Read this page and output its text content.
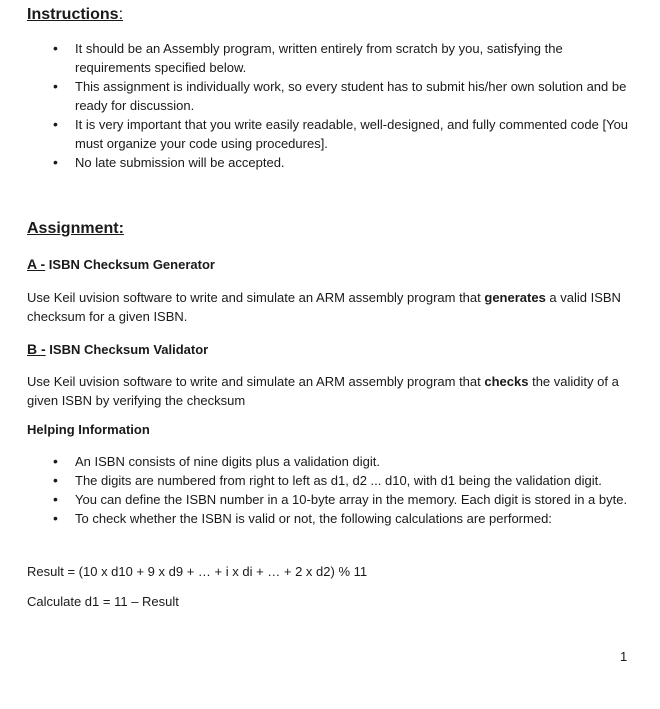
Instructions:
• It should be an Assembly program, written entirely from scratch by you, satisfying the requirements specified below.
• This assignment is individually work, so every student has to submit his/her own solution and be ready for discussion.
• It is very important that you write easily readable, well-designed, and fully commented code [You must organize your code using procedures].
• No late submission will be accepted.
Assignment:
A - ISBN Checksum Generator

Use Keil uvision software to write and simulate an ARM assembly program that generates a valid ISBN checksum for a given ISBN.

B - ISBN Checksum Validator

Use Keil uvision software to write and simulate an ARM assembly program that checks the validity of a given ISBN by verifying the checksum

Helping Information
• An ISBN consists of nine digits plus a validation digit.
• The digits are numbered from right to left as d1, d2 ... d10, with d1 being the validation digit.
• You can define the ISBN number in a 10-byte array in the memory. Each digit is stored in a byte.
• To check whether the ISBN is valid or not, the following calculations are performed:

Result = (10 x d10 + 9 x d9 + … + i x di + … + 2 x d2) % 11

Calculate d1 = 11 – Result

1
